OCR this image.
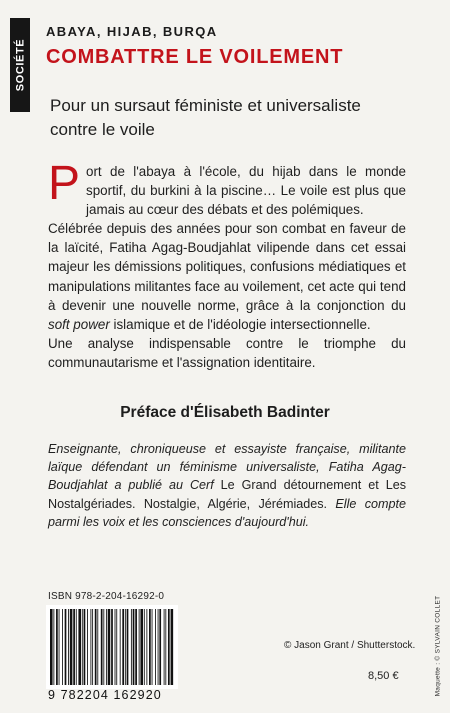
SOCIÉTÉ
ABAYA, HIJAB, BURQA
COMBATTRE LE VOILEMENT
Pour un sursaut féministe et universaliste contre le voile
P ort de l'abaya à l'école, du hijab dans le monde sportif, du burkini à la piscine… Le voile est plus que jamais au cœur des débats et des polémiques.

Célébrée depuis des années pour son combat en faveur de la laïcité, Fatiha Agag-Boudjahlat vilipende dans cet essai majeur les démissions politiques, confusions médiatiques et manipulations militantes face au voilement, cet acte qui tend à devenir une nouvelle norme, grâce à la conjonction du soft power islamique et de l'idéologie intersectionnelle.

Une analyse indispensable contre le triomphe du communautarisme et l'assignation identitaire.

Préface d'Élisabeth Badinter
Enseignante, chroniqueuse et essayiste française, militante laïque défendant un féminisme universaliste, Fatiha Agag-Boudjahlat a publié au Cerf Le Grand détournement et Les Nostalgériades. Nostalgie, Algérie, Jérémiades. Elle compte parmi les voix et les consciences d'aujourd'hui.
ISBN 978-2-204-16292-0
9 782204 162920
© Jason Grant / Shutterstock.
8,50 €	Maquette : © SYLVAIN COLLET
